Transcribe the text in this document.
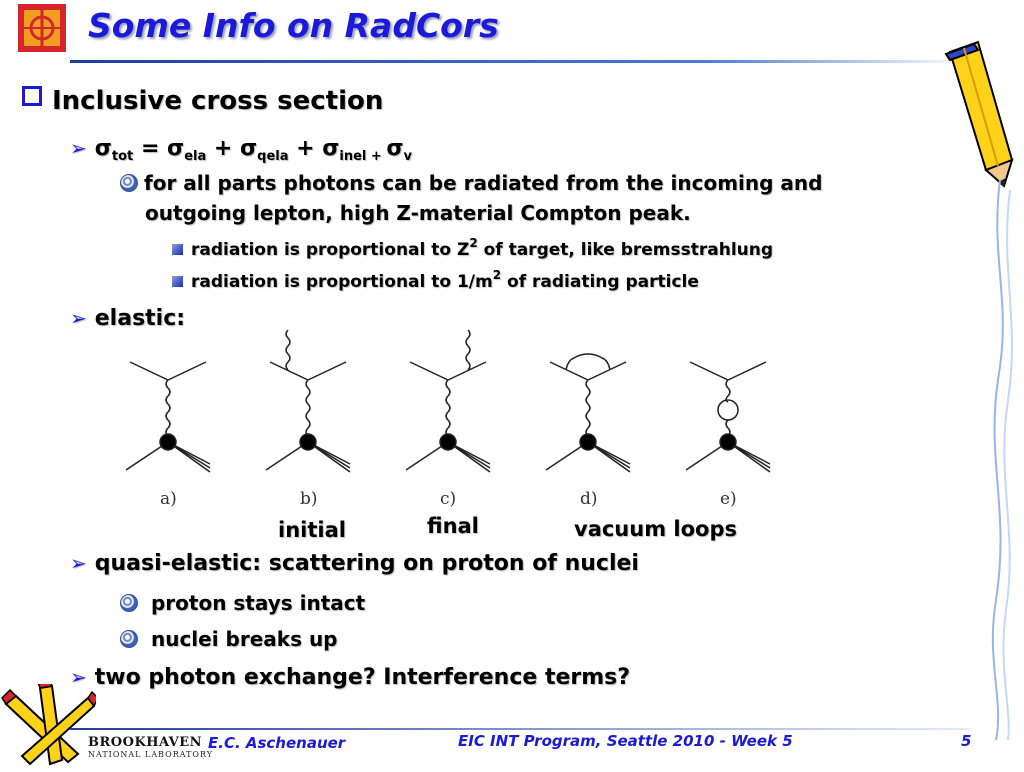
Some Info on RadCors
Inclusive cross section
➢ $\sigma_{tot} = \sigma_{ela} + \sigma_{qela} + \sigma_{inel}$ $_+$ $\sigma_v$
for all parts photons can be radiated from the incoming and
outgoing lepton, high Z-material Compton peak.
radiation is proportional to $Z^2$ of target, like bremsstrahlung
radiation is proportional to $1/m^2$ of radiating particle
➢ elastic:
a)	b)	c)	d)	e)
initial	final	vacuum loops
➢ quasi-elastic: scattering on proton of nuclei
proton stays intact
nuclei breaks up
➢ two photon exchange? Interference terms?
BROOKHAVEN
NATIONAL LABORATORY
E.C. Aschenauer	EIC INT Program, Seattle 2010 - Week 5	5
